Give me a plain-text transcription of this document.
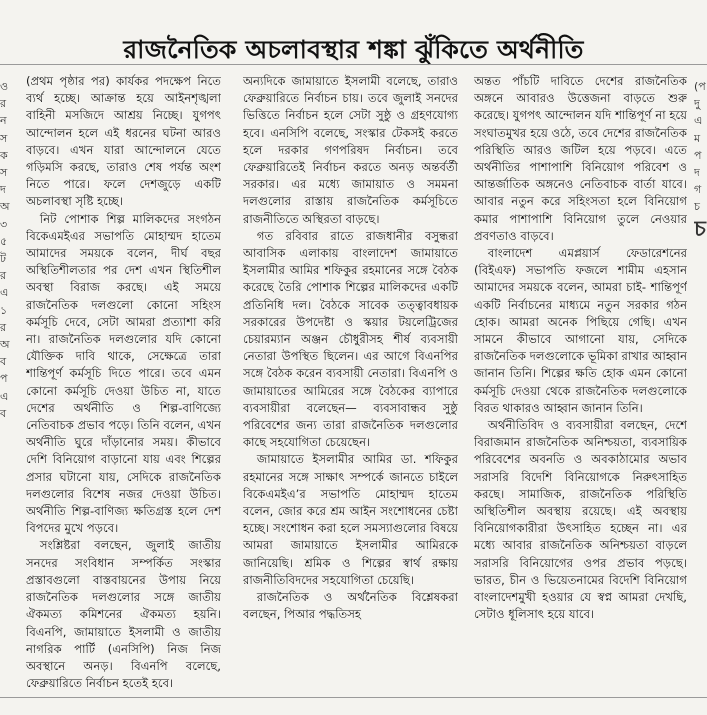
রাজনৈতিক অচলাবস্থার শঙ্কা ঝুঁকিতে অর্থনীতি
ও র ন স ক স দ অ ৩ ৫ ট র এ ১ র অ ব প এ ব

(প্রথম পৃষ্ঠার পর) কার্যকর পদক্ষেপ নিতে ব্যর্থ হচ্ছে। আক্রান্ত হয়ে আইনশৃঙ্খলা বাহিনী মসজিদে আশ্রয় নিচ্ছে। যুগপৎ আন্দোলন হলে এই ধরনের ঘটনা আরও বাড়বে। এখন যারা আন্দোলনে যেতে গড়িমসি করছে, তারাও শেষ পর্যন্ত অংশ নিতে পারে। ফলে দেশজুড়ে একটি অচলাবস্থা সৃষ্টি হচ্ছে।

নিট পোশাক শিল্প মালিকদের সংগঠন বিকেএমইএর সভাপতি মোহাম্মদ হাতেম আমাদের সময়কে বলেন, দীর্ঘ বছর অস্থিতিশীলতার পর দেশ এখন স্থিতিশীল অবস্থা বিরাজ করছে। এই সময়ে রাজনৈতিক দলগুলো কোনো সহিংস কর্মসূচি দেবে, সেটা আমরা প্রত্যাশা করি না। রাজনৈতিক দলগুলোর যদি কোনো যৌক্তিক দাবি থাকে, সেক্ষেত্রে তারা শান্তিপূর্ণ কর্মসূচি দিতে পারে। তবে এমন কোনো কর্মসূচি দেওয়া উচিত না, যাতে দেশের অর্থনীতি ও শিল্প-বাণিজ্যে নেতিবাচক প্রভাব পড়ে। তিনি বলেন, এখন অর্থনীতি ঘুরে দাঁড়ানোর সময়। কীভাবে দেশি বিনিয়োগ বাড়ানো যায় এবং শিল্পের প্রসার ঘটানো যায়, সেদিকে রাজনৈতিক দলগুলোর বিশেষ নজর দেওয়া উচিত। অর্থনীতি শিল্প-বাণিজ্য ক্ষতিগ্রস্ত হলে দেশ বিপদের মুখে পড়বে।

সংশ্লিষ্টরা বলছেন, জুলাই জাতীয় সনদের সংবিধান সম্পর্কিত সংস্কার প্রস্তাবগুলো বাস্তবায়নের উপায় নিয়ে রাজনৈতিক দলগুলোর সঙ্গে জাতীয় ঐকমত্য কমিশনের ঐকমত্য হয়নি। বিএনপি, জামায়াতে ইসলামী ও জাতীয় নাগরিক পার্টি (এনসিপি) নিজ নিজ অবস্থানে অনড়। বিএনপি বলেছে, ফেব্রুয়ারিতে নির্বাচন হতেই হবে।

অন্যদিকে জামায়াতে ইসলামী বলেছে, তারাও ফেব্রুয়ারিতে নির্বাচন চায়। তবে জুলাই সনদের ভিত্তিতে নির্বাচন হলে সেটা সুষ্ঠু ও গ্রহণযোগ্য হবে। এনসিপি বলেছে, সংস্কার টেকসই করতে হলে দরকার গণপরিষদ নির্বাচন। তবে ফেব্রুয়ারিতেই নির্বাচন করতে অনড় অন্তর্বর্তী সরকার। এর মধ্যে জামায়াত ও সমমনা দলগুলোর রাস্তায় রাজনৈতিক কর্মসূচিতে রাজনীতিতে অস্থিরতা বাড়ছে।

গত রবিবার রাতে রাজধানীর বসুন্ধরা আবাসিক এলাকায় বাংলাদেশ জামায়াতে ইসলামীর আমির শফিকুর রহমানের সঙ্গে বৈঠক করেছে তৈরি পোশাক শিল্পের মালিকদের একটি প্রতিনিধি দল। বৈঠকে সাবেক তত্ত্বাবধায়ক সরকারের উপদেষ্টা ও স্কয়ার টয়লেট্রিজের চেয়ারম্যান অঞ্জন চৌধুরীসহ শীর্ষ ব্যবসায়ী নেতারা উপস্থিত ছিলেন। এর আগে বিএনপির সঙ্গে বৈঠক করেন ব্যবসায়ী নেতারা। বিএনপি ও জামায়াতের আমিরের সঙ্গে বৈঠকের ব্যাপারে ব্যবসায়ীরা বলেছেন— ব্যবসাবান্ধব সুষ্ঠু পরিবেশের জন্য তারা রাজনৈতিক দলগুলোর কাছে সহযোগিতা চেয়েছেন।

জামায়াতে ইসলামীর আমির ডা. শফিকুর রহমানের সঙ্গে সাক্ষাৎ সম্পর্কে জানতে চাইলে বিকেএমইএ’র সভাপতি মোহাম্মদ হাতেম বলেন, জোর করে শ্রম আইন সংশোধনের চেষ্টা হচ্ছে। সংশোধন করা হলে সমস্যাগুলোর বিষয়ে আমরা জামায়াতে ইসলামীর আমিরকে জানিয়েছি। শ্রমিক ও শিল্পের স্বার্থ রক্ষায় রাজনীতিবিদদের সহযোগিতা চেয়েছি।

রাজনৈতিক ও অর্থনৈতিক বিশ্লেষকরা বলছেন, পিআর পদ্ধতিসহ

অন্তত পাঁচটি দাবিতে দেশের রাজনৈতিক অঙ্গনে আবারও উত্তেজনা বাড়তে শুরু করেছে। যুগপৎ আন্দোলন যদি শান্তিপূর্ণ না হয়ে সংঘাতমুখর হয়ে ওঠে, তবে দেশের রাজনৈতিক পরিস্থিতি আরও জটিল হয়ে পড়বে। এতে অর্থনীতির পাশাপাশি বিনিয়োগ পরিবেশ ও আন্তর্জাতিক অঙ্গনেও নেতিবাচক বার্তা যাবে। আবার নতুন করে সহিংসতা হলে বিনিয়োগ কমার পাশাপাশি বিনিয়োগ তুলে নেওয়ার প্রবণতাও বাড়বে।

বাংলাদেশ এমপ্লয়ার্স ফেডারেশনের (বিইএফ) সভাপতি ফজলে শামীম এহসান আমাদের সময়কে বলেন, আমরা চাই- শান্তিপূর্ণ একটি নির্বাচনের মাধ্যমে নতুন সরকার গঠন হোক। আমরা অনেক পিছিয়ে গেছি। এখন সামনে কীভাবে আগানো যায়, সেদিকে রাজনৈতিক দলগুলোকে ভূমিকা রাখার আহ্বান জানান তিনি। শিল্পের ক্ষতি হোক এমন কোনো কর্মসূচি দেওয়া থেকে রাজনৈতিক দলগুলোকে বিরত থাকারও আহ্বান জানান তিনি।

অর্থনীতিবিদ ও ব্যবসায়ীরা বলছেন, দেশে বিরাজমান রাজনৈতিক অনিশ্চয়তা, ব্যবসায়িক পরিবেশের অবনতি ও অবকাঠামোর অভাব সরাসরি বিদেশি বিনিয়োগকে নিরুৎসাহিত করছে। সামাজিক, রাজনৈতিক পরিস্থিতি অস্থিতিশীল অবস্থায় রয়েছে। এই অবস্থায় বিনিয়োগকারীরা উৎসাহিত হচ্ছেন না। এর মধ্যে আবার রাজনৈতিক অনিশ্চয়তা বাড়লে সরাসরি বিনিয়োগের ওপর প্রভাব পড়ছে। ভারত, চীন ও ভিয়েতনামের বিদেশি বিনিয়োগ বাংলাদেশমুখী হওয়ার যে স্বপ্ন আমরা দেখছি, সেটাও ধূলিসাৎ হয়ে যাবে।

(প দু এ ম প দ গ চ
চ
